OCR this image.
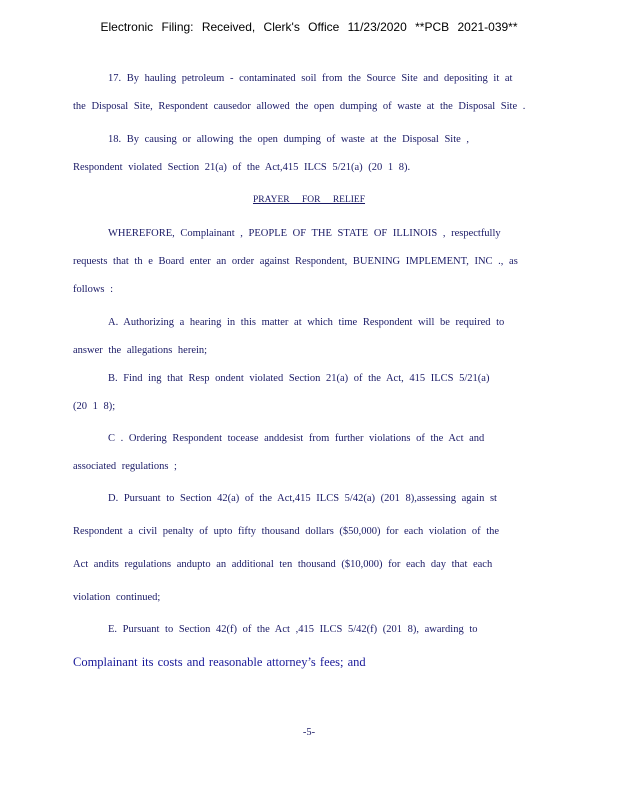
Electronic Filing: Received, Clerk's Office 11/23/2020 **PCB 2021-039**
17. By hauling petroleum - contaminated soil from the Source Site and depositing it at
the Disposal Site, Respondent causedor allowed the open dumping of waste at the Disposal Site .
18. By causing or allowing the open dumping of waste at the Disposal Site ,
Respondent violated Section 21(a) of the Act,415 ILCS 5/21(a) (20 1 8).
PRAYER FOR RELIEF
WHEREFORE, Complainant , PEOPLE OF THE STATE OF ILLINOIS , respectfully
requests that th e Board enter an order against Respondent, BUENING IMPLEMENT, INC ., as
follows :
A. Authorizing a hearing in this matter at which time Respondent will be required to
answer the allegations herein;
B. Find ing that Resp ondent violated Section 21(a) of the Act, 415 ILCS 5/21(a)
(20 1 8);
C . Ordering Respondent tocease anddesist from further violations of the Act and
associated regulations ;
D. Pursuant to Section 42(a) of the Act,415 ILCS 5/42(a) (201 8),assessing again st
Respondent a civil penalty of upto fifty thousand dollars ($50,000) for each violation of the
Act andits regulations andupto an additional ten thousand ($10,000) for each day that each
violation continued;
E. Pursuant to Section 42(f) of the Act ,415 ILCS 5/42(f) (201 8), awarding to
Complainant its costs and reasonable attorney’s fees; and
-5-
